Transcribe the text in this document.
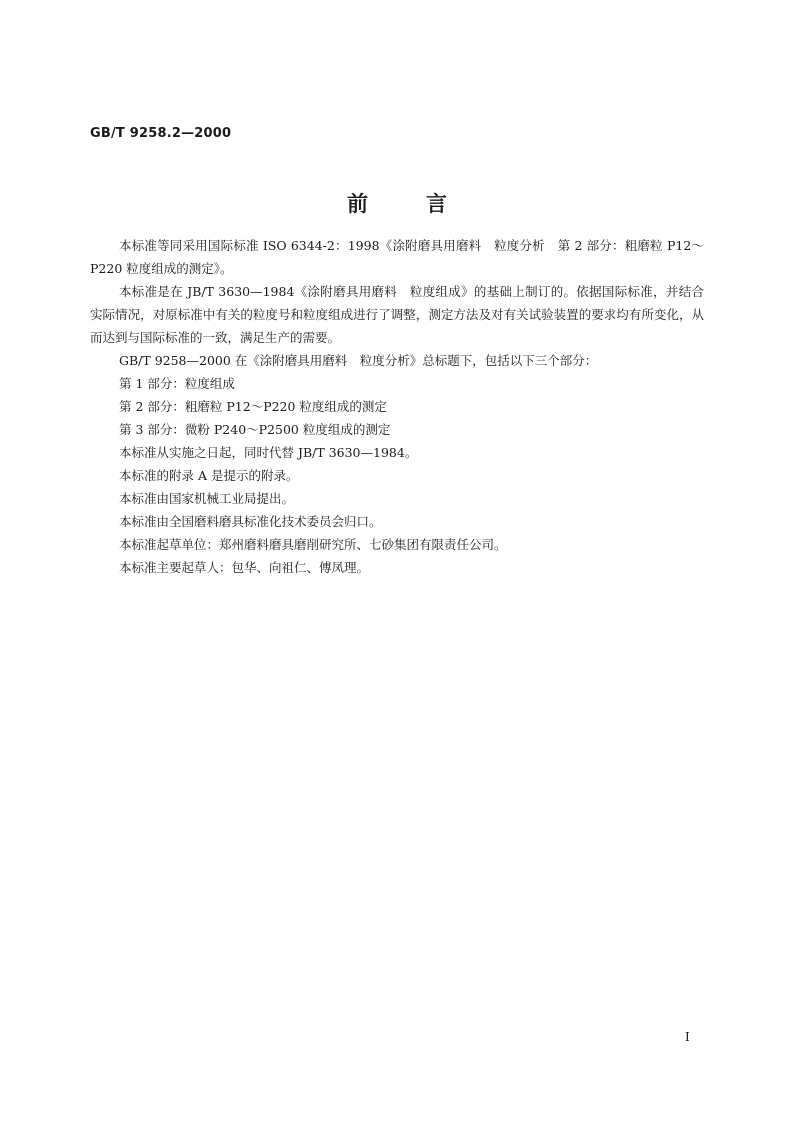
GB/T 9258.2—2000
前言

本标准等同采用国际标准 ISO 6344-2：1998《涂附磨具用磨料　粒度分析　第 2 部分：粗磨粒 P12～P220 粒度组成的测定》。

本标准是在 JB/T 3630—1984《涂附磨具用磨料　粒度组成》的基础上制订的。依据国际标准，并结合实际情况，对原标准中有关的粒度号和粒度组成进行了调整，测定方法及对有关试验装置的要求均有所变化，从而达到与国际标准的一致，满足生产的需要。

GB/T 9258—2000 在《涂附磨具用磨料　粒度分析》总标题下，包括以下三个部分：

第 1 部分：粒度组成

第 2 部分：粗磨粒 P12～P220 粒度组成的测定

第 3 部分：微粉 P240～P2500 粒度组成的测定

本标准从实施之日起，同时代替 JB/T 3630—1984。

本标准的附录 A 是提示的附录。

本标准由国家机械工业局提出。

本标准由全国磨料磨具标准化技术委员会归口。

本标准起草单位：郑州磨料磨具磨削研究所、七砂集团有限责任公司。

本标准主要起草人：包华、向祖仁、傅凤理。

I
